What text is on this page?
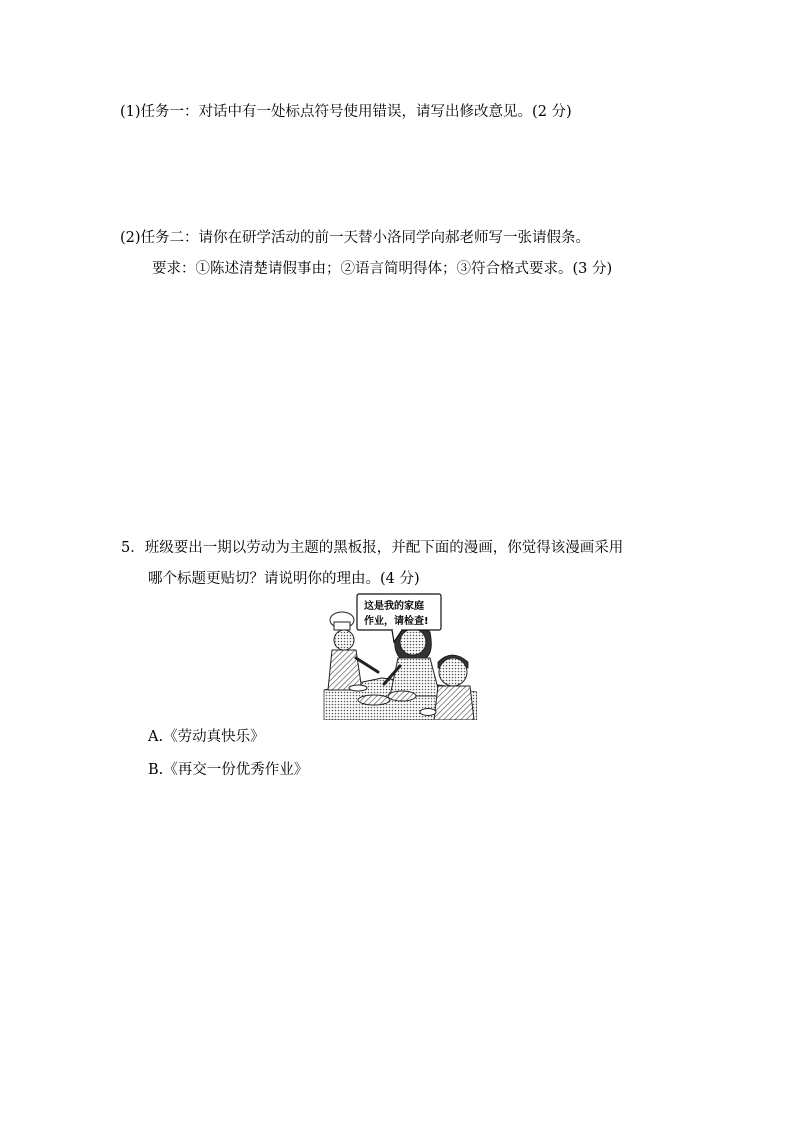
(1)任务一：对话中有一处标点符号使用错误，请写出修改意见。(2 分)
(2)任务二：请你在研学活动的前一天替小洛同学向郝老师写一张请假条。
要求：①陈述清楚请假事由；②语言简明得体；③符合格式要求。(3 分)
5．班级要出一期以劳动为主题的黑板报，并配下面的漫画，你觉得该漫画采用
哪个标题更贴切？请说明你的理由。(4 分)
这是我的家庭
作业，请检查!
A.《劳动真快乐》
B.《再交一份优秀作业》
